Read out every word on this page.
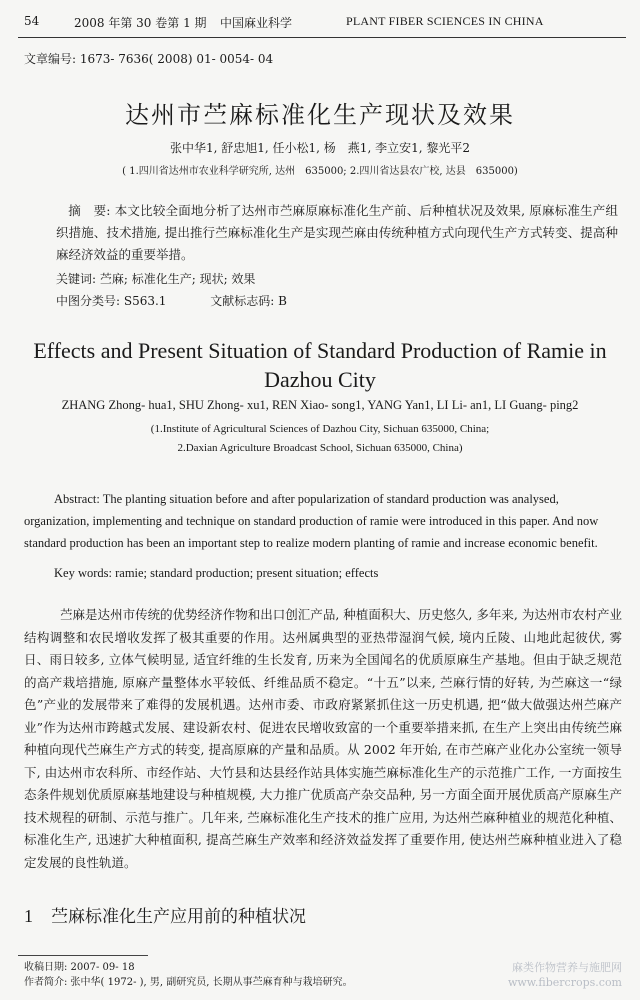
54	2008 年第 30 卷第 1 期 中国麻业科学	PLANT FIBER SCIENCES IN CHINA
文章编号: 1673- 7636( 2008) 01- 0054- 04
达州市苎麻标准化生产现状及效果
张中华1, 舒忠旭1, 任小松1, 杨　燕1, 李立安1, 黎光平2
( 1.四川省达州市农业科学研究所, 达州　635000; 2.四川省达县农广校, 达县　635000)
摘　要: 本文比较全面地分析了达州市苎麻原麻标准化生产前、后种植状况及效果, 原麻标准生产组织措施、技术措施, 提出推行苎麻标准化生产是实现苎麻由传统种植方式向现代生产方式转变、提高种麻经济效益的重要举措。
关键词: 苎麻; 标准化生产; 现状; 效果
中图分类号: S563.1	文献标志码: B
Effects and Present Situation of Standard Production of Ramie in Dazhou City
ZHANG Zhong- hua1, SHU Zhong- xu1, REN Xiao- song1, YANG Yan1, LI Li- an1, LI Guang- ping2
(1.Institute of Agricultural Sciences of Dazhou City, Sichuan 635000, China;
2.Daxian Agriculture Broadcast School, Sichuan 635000, China)
Abstract: The planting situation before and after popularization of standard production was analysed, organization, implementing and technique on standard production of ramie were introduced in this paper. And now standard production has been an important step to realize modern planting of ramie and increase economic benefit.
Key words: ramie; standard production; present situation; effects
苎麻是达州市传统的优势经济作物和出口创汇产品, 种植面积大、历史悠久, 多年来, 为达州市农村产业结构调整和农民增收发挥了极其重要的作用。达州属典型的亚热带湿润气候, 境内丘陵、山地此起彼伏, 雾日、雨日较多, 立体气候明显, 适宜纤维的生长发育, 历来为全国闻名的优质原麻生产基地。但由于缺乏规范的高产栽培措施, 原麻产量整体水平较低、纤维品质不稳定。“十五”以来, 苎麻行情的好转, 为苎麻这一“绿色”产业的发展带来了难得的发展机遇。达州市委、市政府紧紧抓住这一历史机遇, 把“做大做强达州苎麻产业”作为达州市跨越式发展、建设新农村、促进农民增收致富的一个重要举措来抓, 在生产上突出由传统苎麻种植向现代苎麻生产方式的转变, 提高原麻的产量和品质。从 2002 年开始, 在市苎麻产业化办公室统一领导下, 由达州市农科所、市经作站、大竹县和达县经作站具体实施苎麻标准化生产的示范推广工作, 一方面按生态条件规划优质原麻基地建设与种植规模, 大力推广优质高产杂交品种, 另一方面全面开展优质高产原麻生产技术规程的研制、示范与推广。几年来, 苎麻标准化生产技术的推广应用, 为达州苎麻种植业的规范化种植、标准化生产, 迅速扩大种植面积, 提高苎麻生产效率和经济效益发挥了重要作用, 使达州苎麻种植业进入了稳定发展的良性轨道。
1 苎麻标准化生产应用前的种植状况
收稿日期: 2007- 09- 18
作者简介: 张中华( 1972- ), 男, 副研究员, 长期从事苎麻育种与栽培研究。
麻类作物营养与施肥网
www.fibercrops.com
